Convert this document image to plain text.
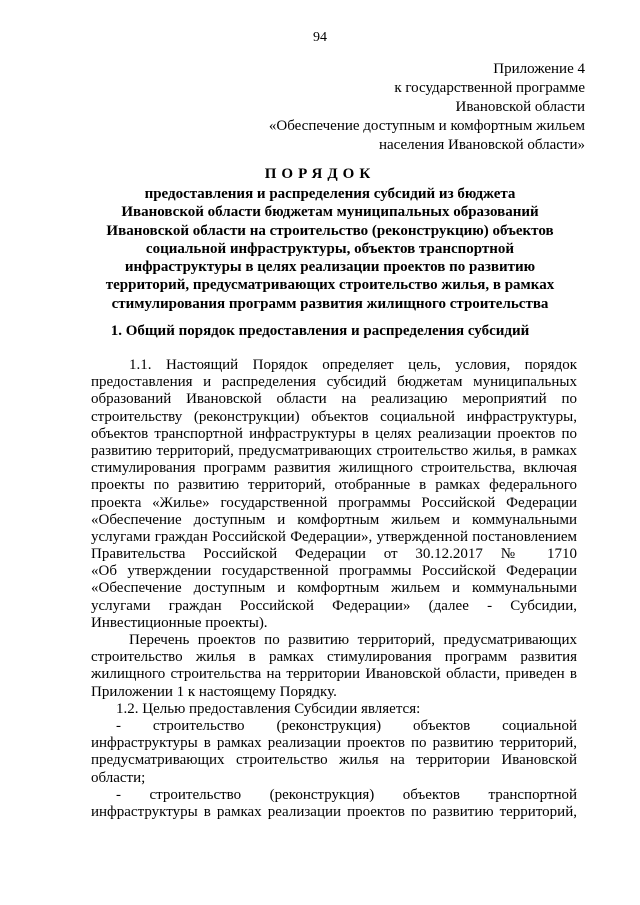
94
Приложение 4
к государственной программе
Ивановской области
«Обеспечение доступным и комфортным жильем
населения Ивановской области»
ПОРЯДОК
предоставления и распределения субсидий из бюджета
Ивановской области бюджетам муниципальных образований
Ивановской области на строительство (реконструкцию) объектов
социальной инфраструктуры, объектов транспортной
инфраструктуры в целях реализации проектов по развитию
территорий, предусматривающих строительство жилья, в рамках
стимулирования программ развития жилищного строительства
1. Общий порядок предоставления и распределения субсидий
1.1. Настоящий Порядок определяет цель, условия, порядок
предоставления и распределения субсидий бюджетам муниципальных
образований Ивановской области на реализацию мероприятий по
строительству (реконструкции) объектов социальной инфраструктуры,
объектов транспортной инфраструктуры в целях реализации проектов по
развитию территорий, предусматривающих строительство жилья, в рамках
стимулирования программ развития жилищного строительства, включая
проекты по развитию территорий, отобранные в рамках федерального
проекта «Жилье» государственной программы Российской Федерации
«Обеспечение доступным и комфортным жильем и коммунальными
услугами граждан Российской Федерации», утвержденной постановлением
Правительства Российской Федерации от 30.12.2017 № 1710
«Об утверждении государственной программы Российской Федерации
«Обеспечение доступным и комфортным жильем и коммунальными
услугами граждан Российской Федерации» (далее - Субсидии,
Инвестиционные проекты).
Перечень проектов по развитию территорий, предусматривающих
строительство жилья в рамках стимулирования программ развития
жилищного строительства на территории Ивановской области, приведен в
Приложении 1 к настоящему Порядку.
1.2. Целью предоставления Субсидии является:
- строительство (реконструкция) объектов социальной
инфраструктуры в рамках реализации проектов по развитию территорий,
предусматривающих строительство жилья на территории Ивановской
области;
- строительство (реконструкция) объектов транспортной
инфраструктуры в рамках реализации проектов по развитию территорий,
